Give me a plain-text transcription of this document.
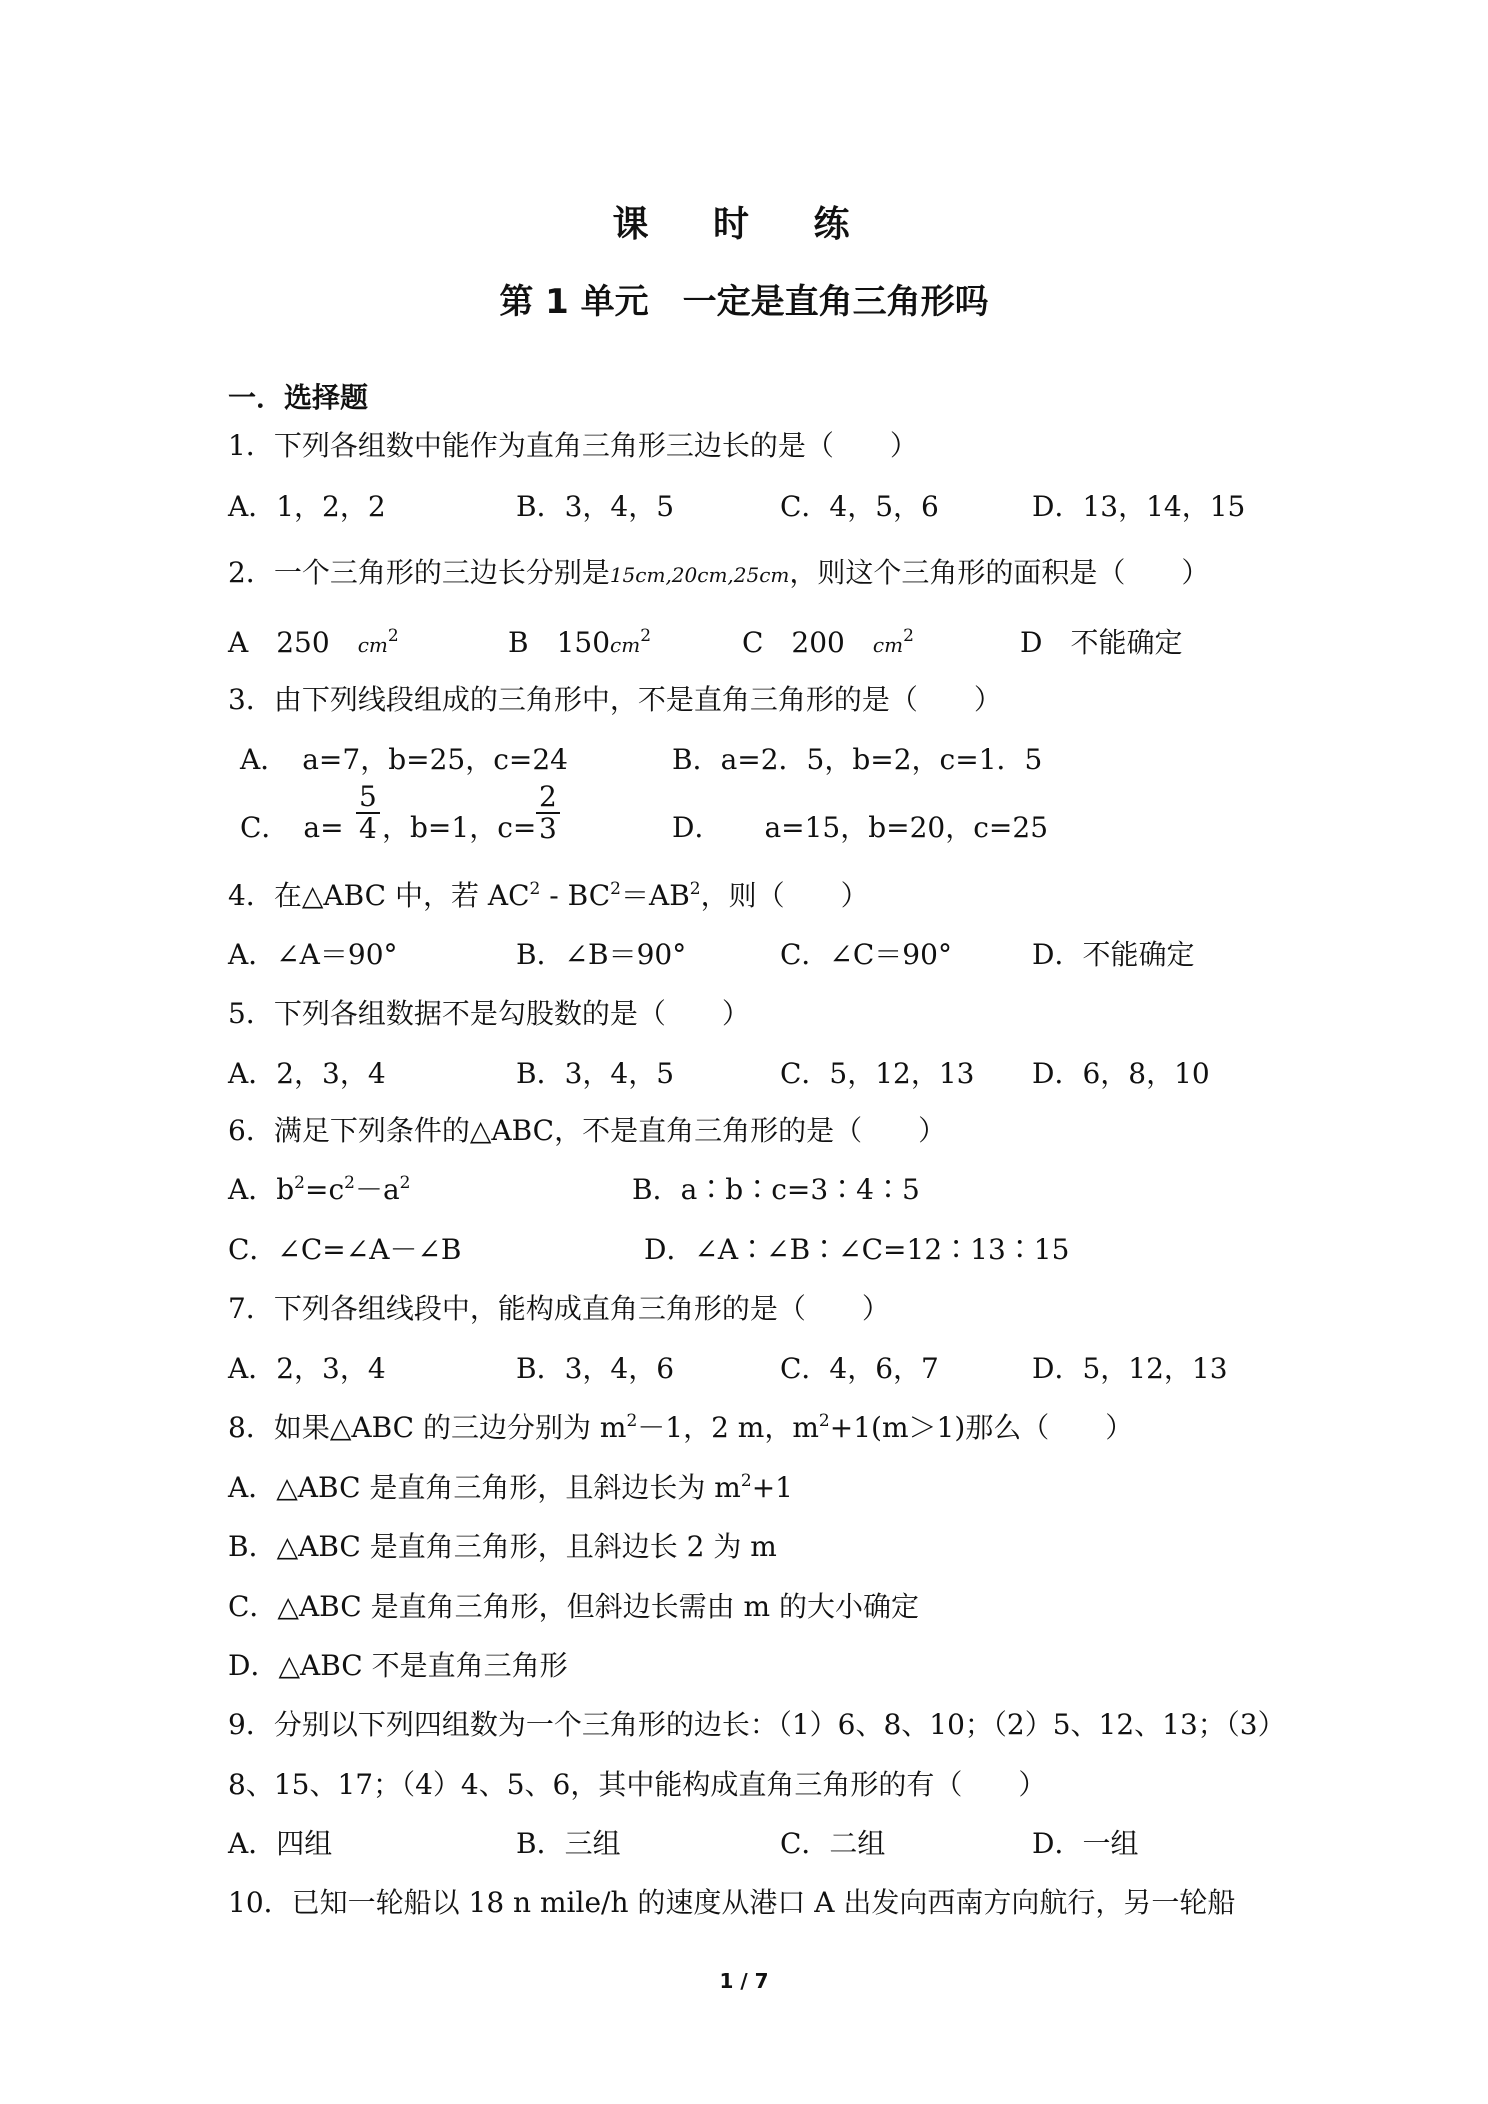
课 时 练
第 1 单元　一定是直角三角形吗
一．选择题
1．下列各组数中能作为直角三角形三边长的是（　　）
A．1，2，2	B．3，4，5	C．4，5，6	D．13，14，15
2．一个三角形的三边长分别是15cm,20cm,25cm，则这个三角形的面积是（　　）
A　250　 $cm^2$	B　$150cm^2$	C　200　 $cm^2$	D　不能确定
3．由下列线段组成的三角形中，不是直角三角形的是（　　）
A．　a=7，b=25，c=24	B．a=2．5，b=2，c=1．5
C．　$a= \frac{5}{4}$ ，b=1，$c= \frac{2}{3}$	D．　　a=15，b=20，c=25
4．在△ABC 中，若 $AC^2 - BC^2=AB^2$，则（　　）
A．∠A＝90°	B．∠B＝90°	C．∠C＝90°	D．不能确定
5．下列各组数据不是勾股数的是（　　）
A．2，3，4	B．3，4，5	C．5，12，13 D．6，8，10
6．满足下列条件的△ABC，不是直角三角形的是（　　）
A．$b^2=c^2-a^2$	B．a∶b∶c=3∶4∶5
C．∠C=∠A－∠B	D．∠A∶∠B∶∠C=12∶13∶15
7．下列各组线段中，能构成直角三角形的是（　　）
A．2，3，4	B．3，4，6	C．4，6，7	D．5，12，13
8．如果△ABC 的三边分别为 $m^2-1$，2 m，$m^2+1(m>1)$那么（　　）
A．△ABC 是直角三角形，且斜边长为 $m^2+1$
B．△ABC 是直角三角形，且斜边长 2 为 m
C．△ABC 是直角三角形，但斜边长需由 m 的大小确定
D．△ABC 不是直角三角形
9．分别以下列四组数为一个三角形的边长：（1）6、8、10；（2）5、12、13；（3）
8、15、17；（4）4、5、6，其中能构成直角三角形的有（　　）
A．四组	B．三组	C．二组	D．一组
10．已知一轮船以 18 n mile/h 的速度从港口 A 出发向西南方向航行，另一轮船
1 / 7
